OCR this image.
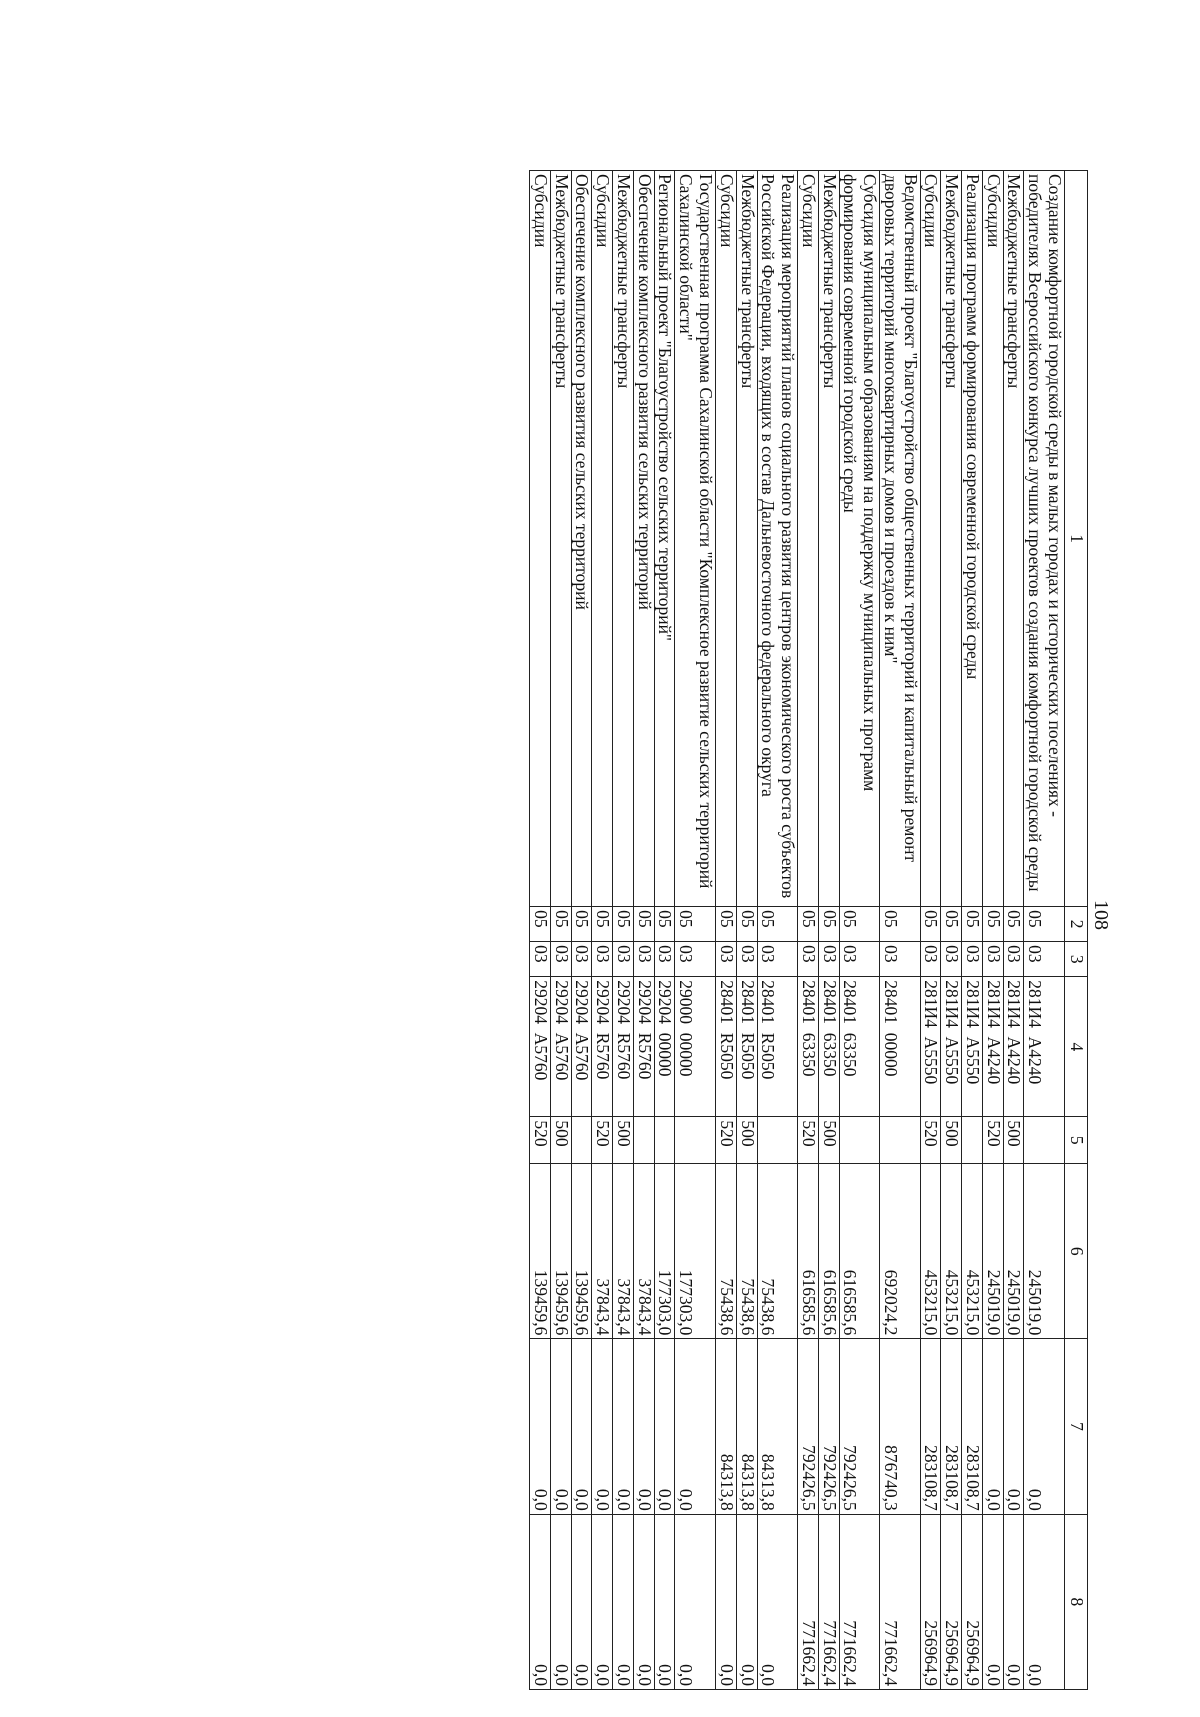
108
1	2	3	4	5	6	7	8
Создание комфортной городской среды в малых городах и исторических поселениях - победителях Всероссийского конкурса лучших проектов создания комфортной городской среды	05	03	281И4  А4240		245019,0	0,0	0,0
Межбюджетные трансферты	05	03	281И4  А4240	500	245019,0	0,0	0,0
Субсидии	05	03	281И4  А4240	520	245019,0	0,0	0,0
Реализация программ формирования современной городской среды	05	03	281И4  А5550		453215,0	283108,7	256964,9
Межбюджетные трансферты	05	03	281И4  А5550	500	453215,0	283108,7	256964,9
Субсидии	05	03	281И4  А5550	520	453215,0	283108,7	256964,9
Ведомственный проект "Благоустройство общественных территорий и капитальный ремонт дворовых территорий многоквартирных домов и проездов к ним"	05	03	28401  00000		692024,2	876740,3	771662,4
Субсидия муниципальным образованиям на поддержку муниципальных программ формирования современной городской среды	05	03	28401  63350		616585,6	792426,5	771662,4
Межбюджетные трансферты	05	03	28401  63350	500	616585,6	792426,5	771662,4
Субсидии	05	03	28401  63350	520	616585,6	792426,5	771662,4
Реализация мероприятий планов социального развития центров экономического роста субъектов Российской Федерации, входящих в состав Дальневосточного федерального округа	05	03	28401  R5050		75438,6	84313,8	0,0
Межбюджетные трансферты	05	03	28401  R5050	500	75438,6	84313,8	0,0
Субсидии	05	03	28401  R5050	520	75438,6	84313,8	0,0
Государственная программа Сахалинской области "Комплексное развитие сельских территорий Сахалинской области"	05	03	29000  00000		177303,0	0,0	0,0
Региональный проект "Благоустройство сельских территорий"	05	03	29204  00000		177303,0	0,0	0,0
Обеспечение комплексного развития сельских территорий	05	03	29204  R5760		37843,4	0,0	0,0
Межбюджетные трансферты	05	03	29204  R5760	500	37843,4	0,0	0,0
Субсидии	05	03	29204  R5760	520	37843,4	0,0	0,0
Обеспечение комплексного развития сельских территорий	05	03	29204  А5760		139459,6	0,0	0,0
Межбюджетные трансферты	05	03	29204  А5760	500	139459,6	0,0	0,0
Субсидии	05	03	29204  А5760	520	139459,6	0,0	0,0
